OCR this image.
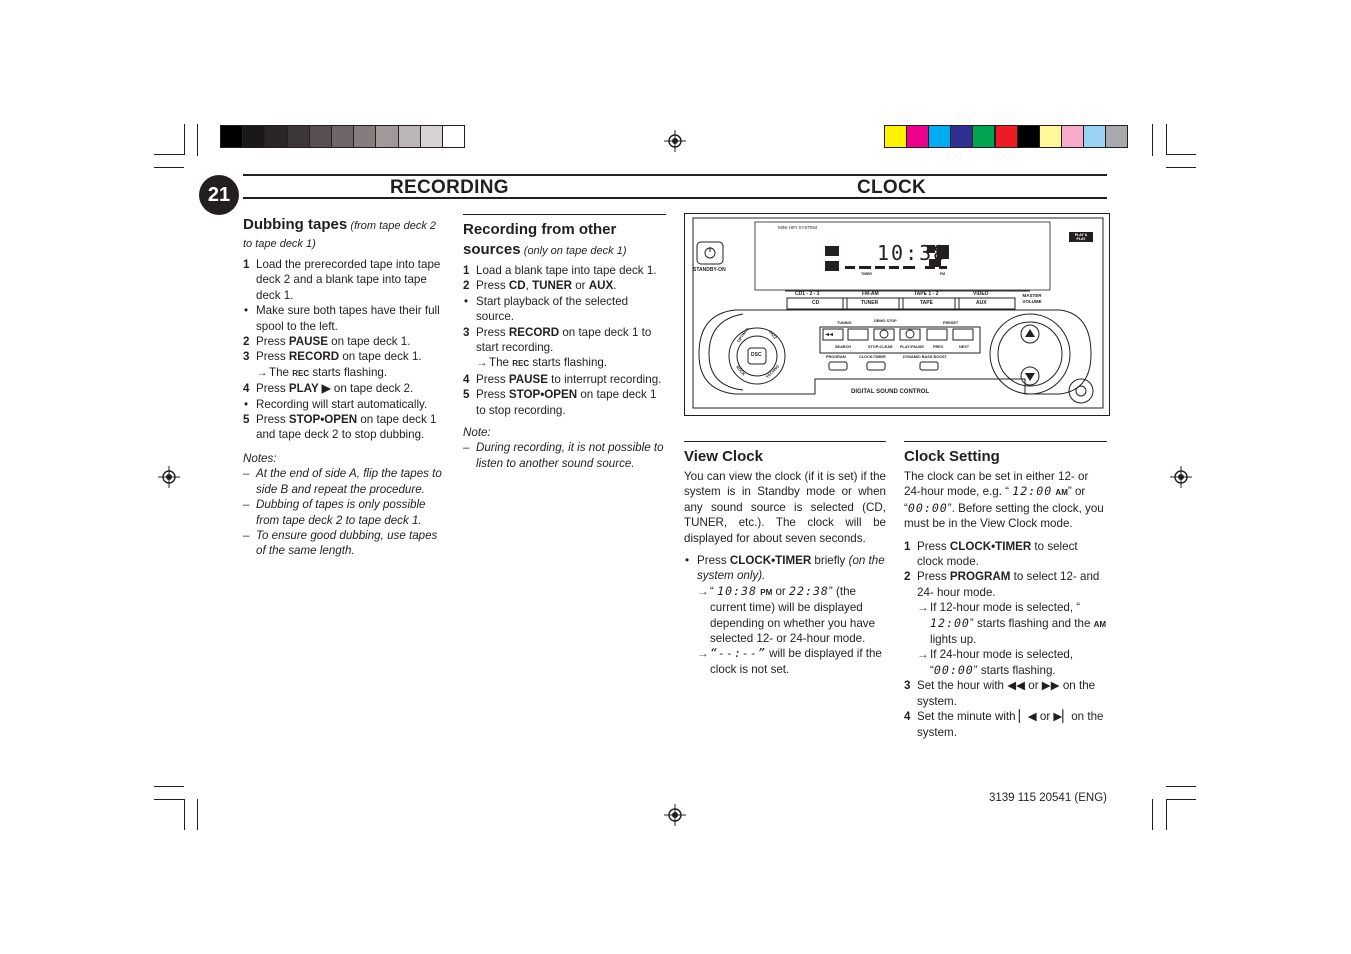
21	RECORDING	CLOCK
Dubbing tapes (from tape deck 2 to tape deck 1)
1 Load the prerecorded tape into tape deck 2 and a blank tape into tape deck 1.
• Make sure both tapes have their full spool to the left.
2 Press PAUSE on tape deck 1.
3 Press RECORD on tape deck 1.
→ The REC starts flashing.
4 Press PLAY ▶ on tape deck 2.
• Recording will start automatically.
5 Press STOP•OPEN on tape deck 1 and tape deck 2 to stop dubbing.
Notes:
– At the end of side A, flip the tapes to side B and repeat the procedure.
– Dubbing of tapes is only possible from tape deck 2 to tape deck 1.
– To ensure good dubbing, use tapes of the same length.
Recording from other sources (only on tape deck 1)
1 Load a blank tape into tape deck 1.
2 Press CD, TUNER or AUX.
• Start playback of the selected source.
3 Press RECORD on tape deck 1 to start recording.
→ The REC starts flashing.
4 Press PAUSE to interrupt recording.
5 Press STOP•OPEN on tape deck 1 to stop recording.
Note:
– During recording, it is not possible to listen to another sound source.
MINI HIFI SYSTEM
STANDBY-ON
10:38
TIMER	FM
PLAY & PLAY
CD1 - 2 - 3	FM-AM	TAPE 1 - 2	VIDEO
CD	TUNER	TAPE	AUX
MASTER VOLUME
TUNING	DEMO STOP	PRESET
SEARCH	STOP•CLEAR PLAY•PAUSE PREV	NEXT
PROGRAM	CLOCK•TIMER	DYNAMIC BASS BOOST
OPTIMAL	JAZZ
DSC
ROCK	TECHNO
DIGITAL SOUND CONTROL
View Clock
You can view the clock (if it is set) if the system is in Standby mode or when any sound source is selected (CD, TUNER, etc.). The clock will be displayed for about seven seconds.
• Press CLOCK•TIMER briefly (on the system only).
→ “ 10:38 PM or 22:38” (the current time) will be displayed depending on whether you have selected 12- or 24-hour mode.
→ “--:--” will be displayed if the clock is not set.
Clock Setting
The clock can be set in either 12- or 24-hour mode, e.g. “ 12:00 AM” or “00:00”. Before setting the clock, you must be in the View Clock mode.
1 Press CLOCK•TIMER to select clock mode.
2 Press PROGRAM to select 12- and 24- hour mode.
→ If 12-hour mode is selected, “ 12:00” starts flashing and the AM lights up.
→ If 24-hour mode is selected, “00:00” starts flashing.
3 Set the hour with ◀◀ or ▶▶ on the system.
4 Set the minute with ▏◀ or ▶▏on the system.
3139 115 20541 (ENG)
